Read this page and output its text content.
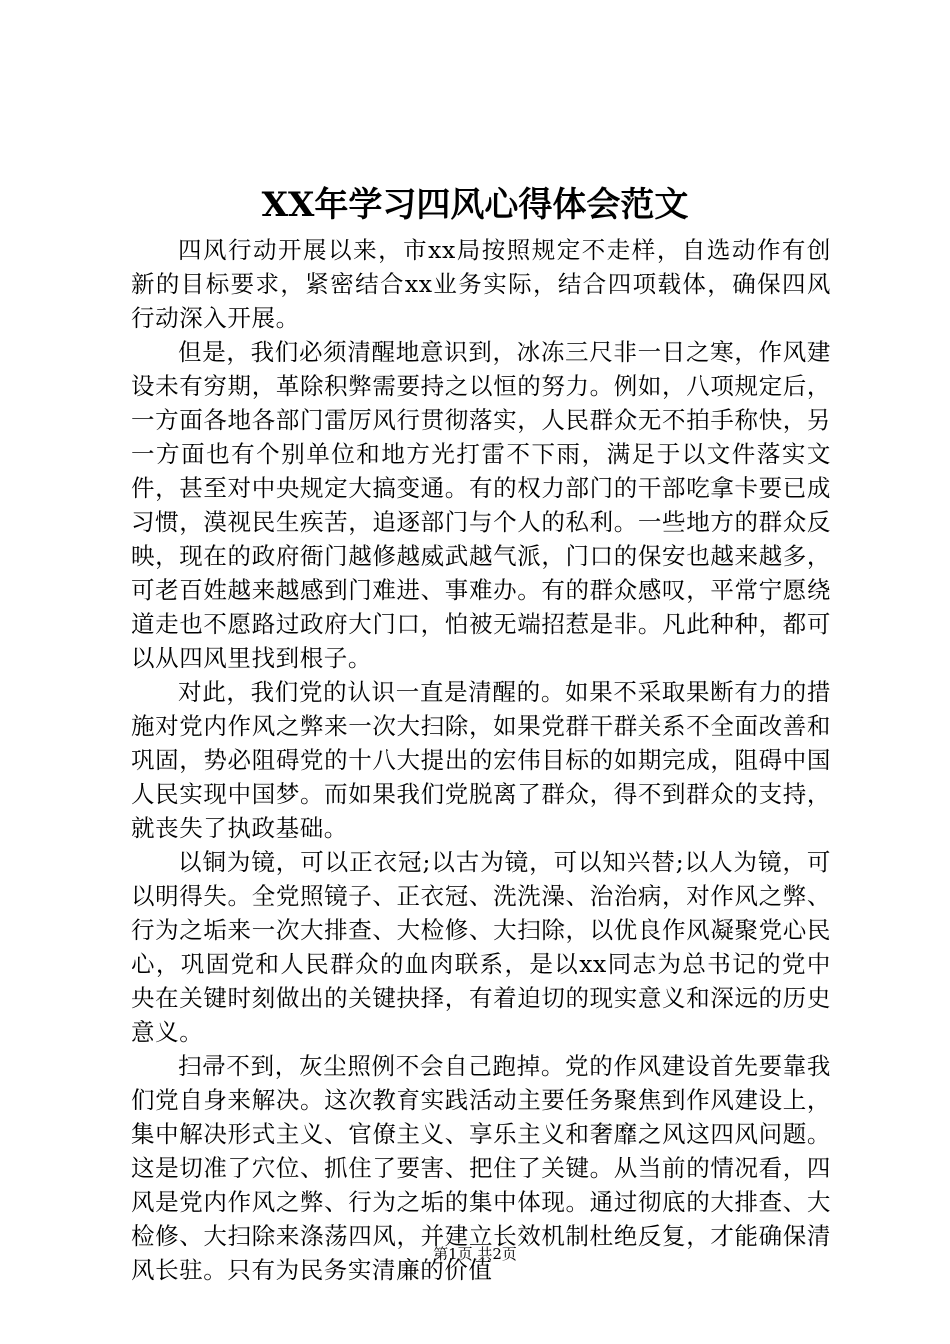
XX年学习四风心得体会范文

四风行动开展以来，市xx局按照规定不走样，自选动作有创新的目标要求，紧密结合xx业务实际，结合四项载体，确保四风行动深入开展。

但是，我们必须清醒地意识到，冰冻三尺非一日之寒，作风建设未有穷期，革除积弊需要持之以恒的努力。例如，八项规定后，一方面各地各部门雷厉风行贯彻落实，人民群众无不拍手称快，另一方面也有个别单位和地方光打雷不下雨，满足于以文件落实文件，甚至对中央规定大搞变通。有的权力部门的干部吃拿卡要已成习惯，漠视民生疾苦，追逐部门与个人的私利。一些地方的群众反映，现在的政府衙门越修越威武越气派，门口的保安也越来越多，可老百姓越来越感到门难进、事难办。有的群众感叹，平常宁愿绕道走也不愿路过政府大门口，怕被无端招惹是非。凡此种种，都可以从四风里找到根子。

对此，我们党的认识一直是清醒的。如果不采取果断有力的措施对党内作风之弊来一次大扫除，如果党群干群关系不全面改善和巩固，势必阻碍党的十八大提出的宏伟目标的如期完成，阻碍中国人民实现中国梦。而如果我们党脱离了群众，得不到群众的支持，就丧失了执政基础。

以铜为镜，可以正衣冠;以古为镜，可以知兴替;以人为镜，可以明得失。全党照镜子、正衣冠、洗洗澡、治治病，对作风之弊、行为之垢来一次大排查、大检修、大扫除，以优良作风凝聚党心民心，巩固党和人民群众的血肉联系，是以xx同志为总书记的党中央在关键时刻做出的关键抉择，有着迫切的现实意义和深远的历史意义。

扫帚不到，灰尘照例不会自己跑掉。党的作风建设首先要靠我们党自身来解决。这次教育实践活动主要任务聚焦到作风建设上，集中解决形式主义、官僚主义、享乐主义和奢靡之风这四风问题。这是切准了穴位、抓住了要害、把住了关键。从当前的情况看，四风是党内作风之弊、行为之垢的集中体现。通过彻底的大排查、大检修、大扫除来涤荡四风，并建立长效机制杜绝反复，才能确保清风长驻。只有为民务实清廉的价值

第1页 共2页
